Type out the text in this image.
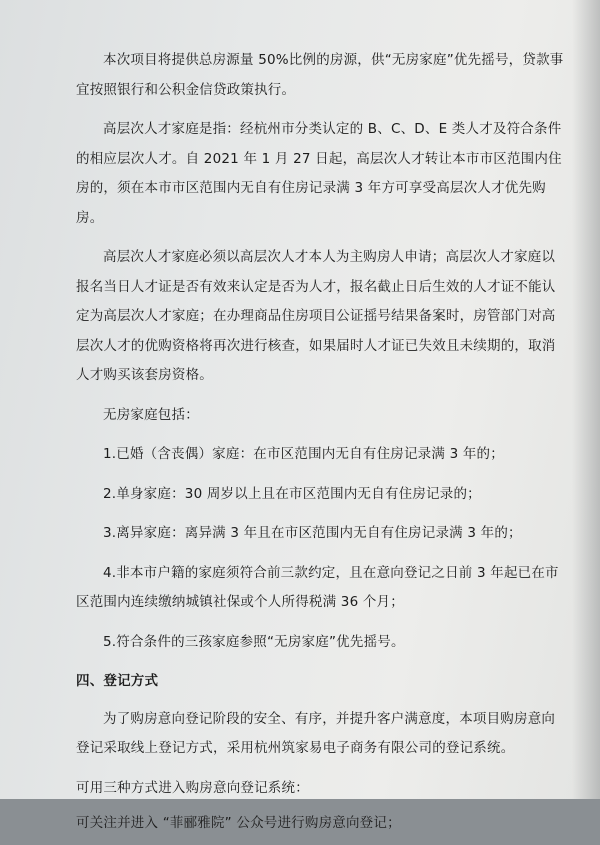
本次项目将提供总房源量 50%比例的房源，供“无房家庭”优先摇号，贷款事宜按照银行和公积金信贷政策执行。

高层次人才家庭是指：经杭州市分类认定的 B、C、D、E 类人才及符合条件的相应层次人才。自 2021 年 1 月 27 日起，高层次人才转让本市市区范围内住房的，须在本市市区范围内无自有住房记录满 3 年方可享受高层次人才优先购房。

高层次人才家庭必须以高层次人才本人为主购房人申请；高层次人才家庭以报名当日人才证是否有效来认定是否为人才，报名截止日后生效的人才证不能认定为高层次人才家庭；在办理商品住房项目公证摇号结果备案时，房管部门对高层次人才的优购资格将再次进行核查，如果届时人才证已失效且未续期的，取消人才购买该套房资格。

无房家庭包括：

1.已婚（含丧偶）家庭：在市区范围内无自有住房记录满 3 年的；

2.单身家庭：30 周岁以上且在市区范围内无自有住房记录的；

3.离异家庭：离异满 3 年且在市区范围内无自有住房记录满 3 年的；

4.非本市户籍的家庭须符合前三款约定，且在意向登记之日前 3 年起已在市区范围内连续缴纳城镇社保或个人所得税满 36 个月；

5.符合条件的三孩家庭参照“无房家庭”优先摇号。

四、登记方式

为了购房意向登记阶段的安全、有序，并提升客户满意度，本项目购房意向登记采取线上登记方式，采用杭州筑家易电子商务有限公司的登记系统。

可用三种方式进入购房意向登记系统：

可关注并进入 “菲郦雅院” 公众号进行购房意向登记；
